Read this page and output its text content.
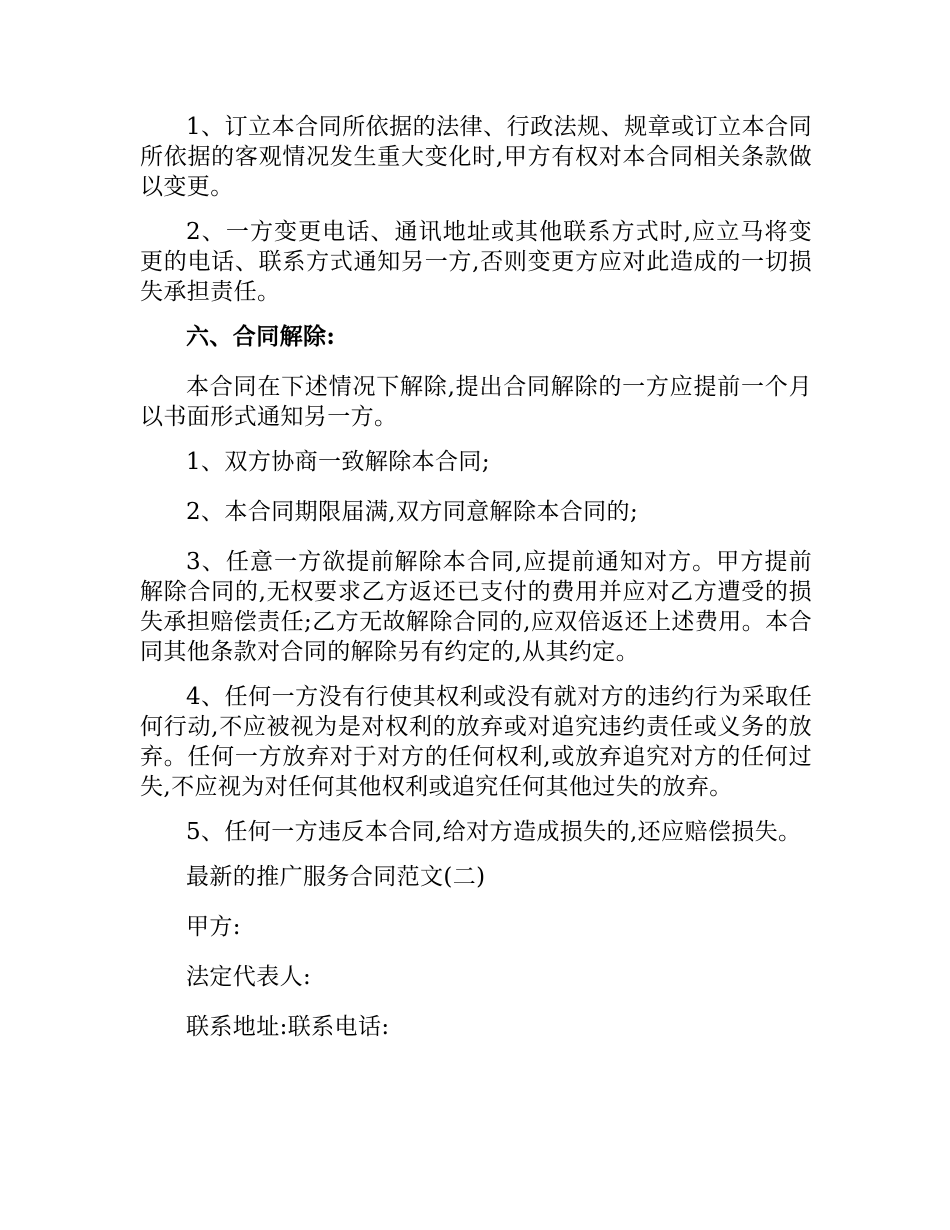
1、订立本合同所依据的法律、行政法规、规章或订立本合同所依据的客观情况发生重大变化时,甲方有权对本合同相关条款做以变更。

2、一方变更电话、通讯地址或其他联系方式时,应立马将变更的电话、联系方式通知另一方,否则变更方应对此造成的一切损失承担责任。

六、合同解除:

本合同在下述情况下解除,提出合同解除的一方应提前一个月以书面形式通知另一方。

1、双方协商一致解除本合同;

2、本合同期限届满,双方同意解除本合同的;

3、任意一方欲提前解除本合同,应提前通知对方。甲方提前解除合同的,无权要求乙方返还已支付的费用并应对乙方遭受的损失承担赔偿责任;乙方无故解除合同的,应双倍返还上述费用。本合同其他条款对合同的解除另有约定的,从其约定。

4、任何一方没有行使其权利或没有就对方的违约行为采取任何行动,不应被视为是对权利的放弃或对追究违约责任或义务的放弃。任何一方放弃对于对方的任何权利,或放弃追究对方的任何过失,不应视为对任何其他权利或追究任何其他过失的放弃。

5、任何一方违反本合同,给对方造成损失的,还应赔偿损失。

最新的推广服务合同范文(二)

甲方:

法定代表人:

联系地址:联系电话:
